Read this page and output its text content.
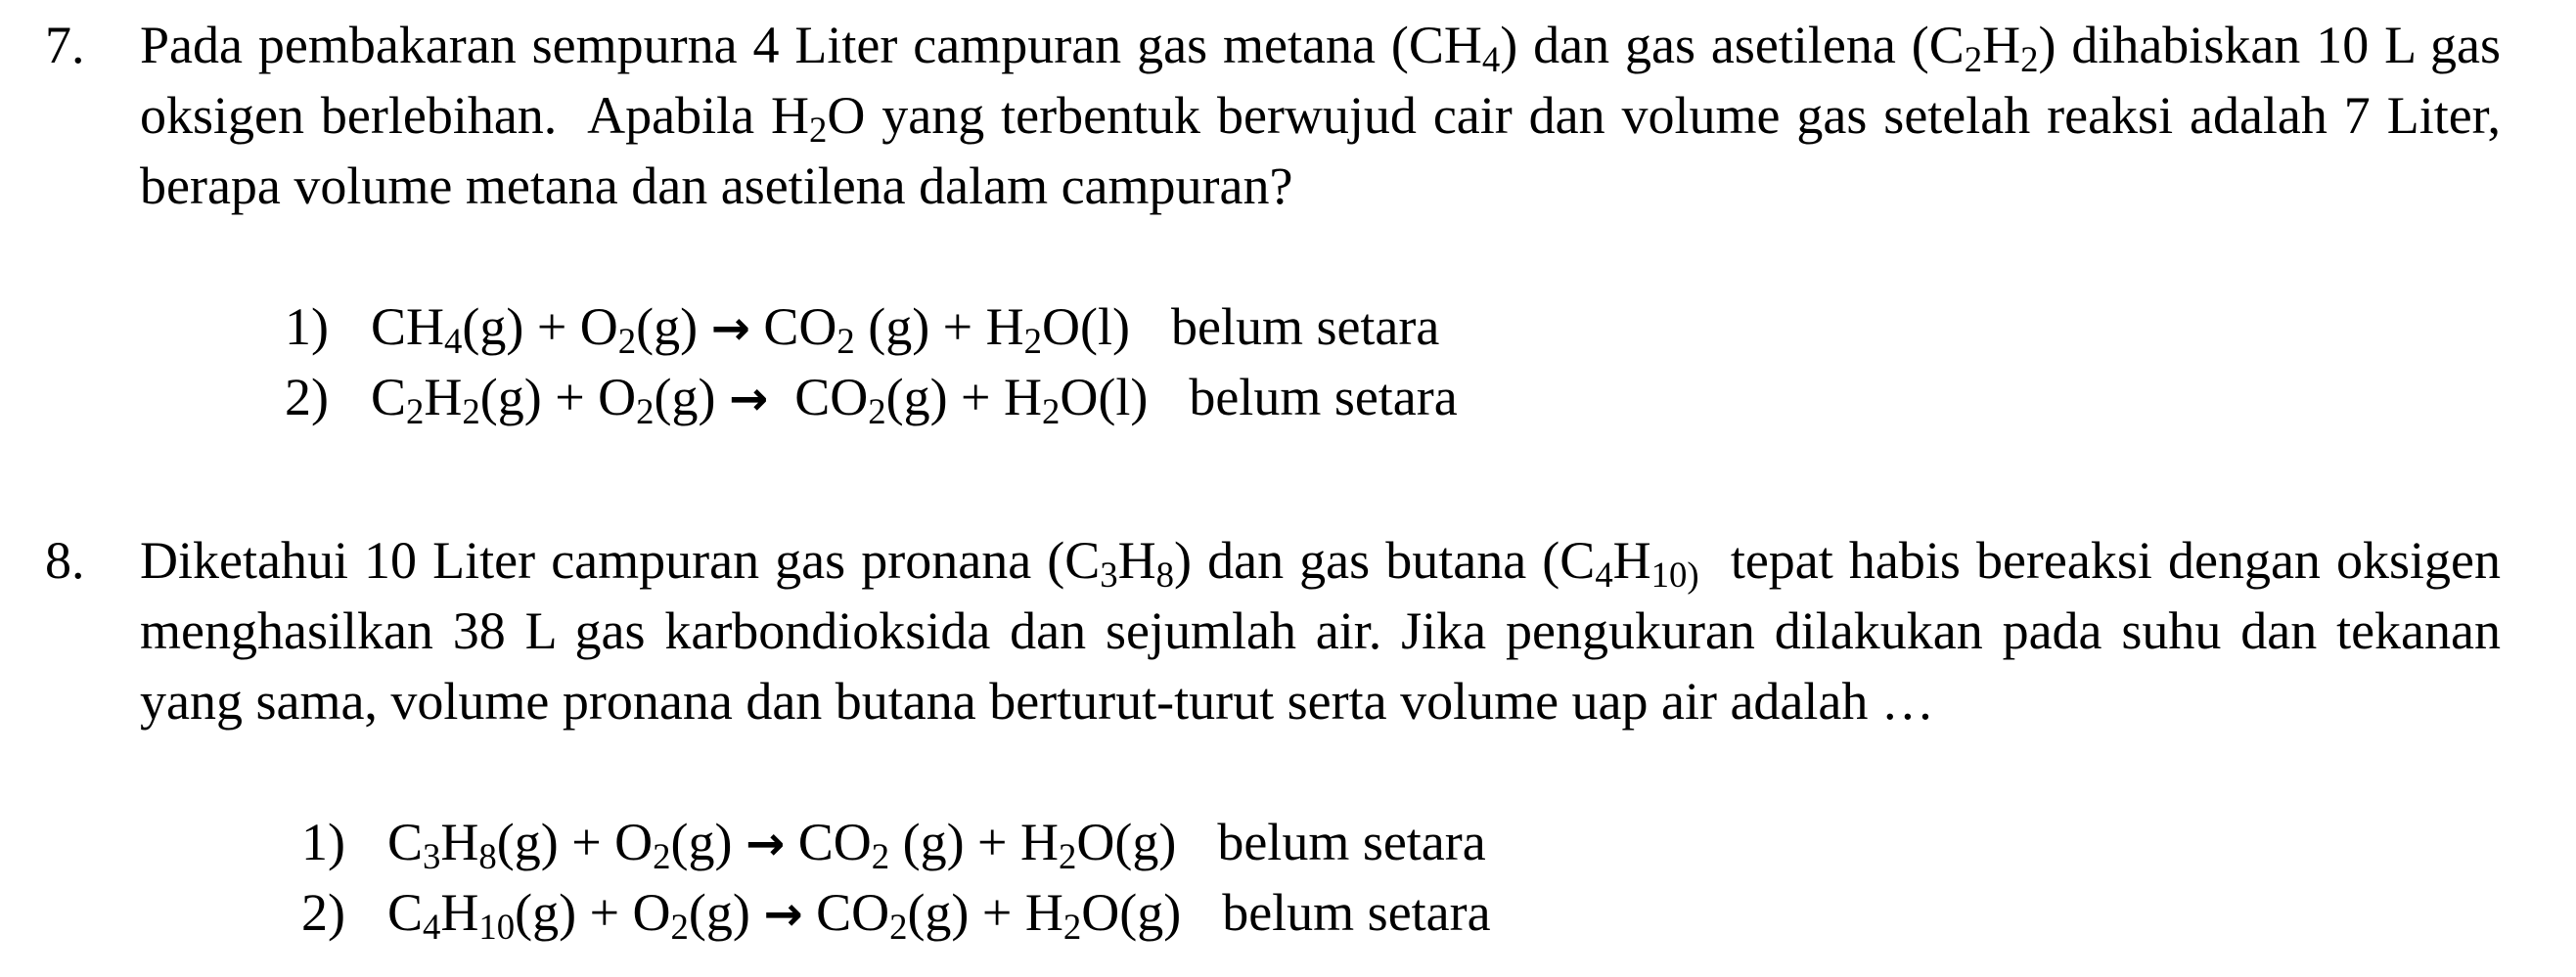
7. Pada pembakaran sempurna 4 Liter campuran gas metana $(CH_4)$ dan gas asetilena $(C_2H_2)$ dihabiskan 10 L gas oksigen berlebihan.  Apabila $H_2O$ yang terbentuk berwujud cair dan volume gas setelah reaksi adalah 7 Liter, berapa volume metana dan asetilena dalam campuran?
1) $CH_4(g) + O_2(g) \to CO_2$ $(g) + H_2O(l)$ belum setara
2) $C_2H_2(g) + O_2(g) \to CO_2(g) + H_2O(l)$ belum setara
8. Diketahui 10 Liter campuran gas pronana $(C_3H_8)$ dan gas butana ($C_4H_{10)}$  tepat habis bereaksi dengan oksigen menghasilkan 38 L gas karbondioksida dan sejumlah air. Jika pengukuran dilakukan pada suhu dan tekanan yang sama, volume pronana dan butana berturut-turut serta volume uap air adalah …
1) $C_3H_8(g) + O_2(g) \to CO_2$ $(g) + H_2O(g)$ belum setara
2) $C_4H_{10}(g) + O_2(g) \to CO_2(g) + H_2O(g)$ belum setara
